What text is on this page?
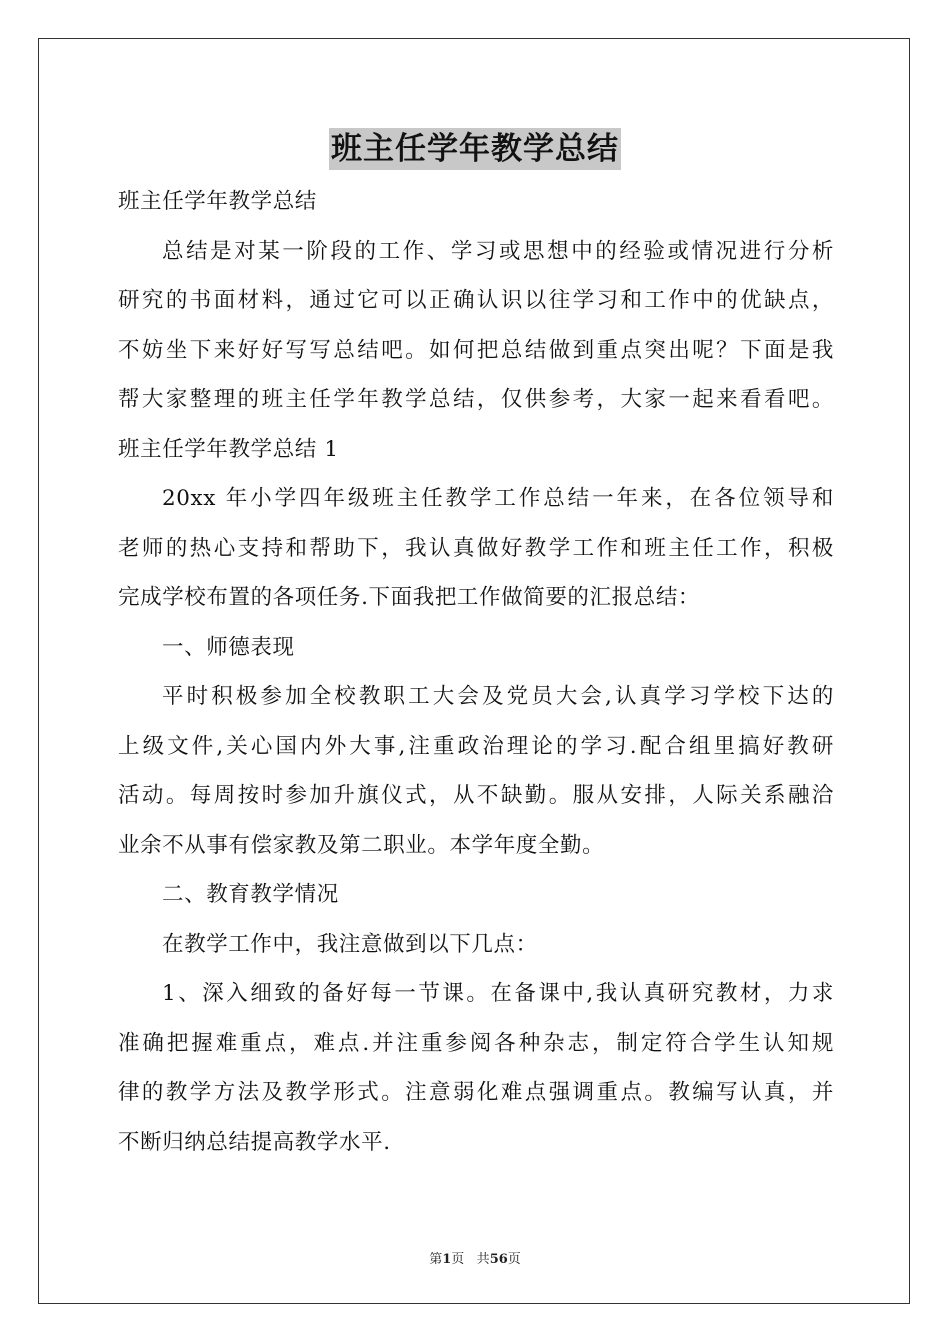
班主任学年教学总结
班主任学年教学总结
总结是对某一阶段的工作、学习或思想中的经验或情况进行分析
研究的书面材料，通过它可以正确认识以往学习和工作中的优缺点，
不妨坐下来好好写写总结吧。如何把总结做到重点突出呢？下面是我
帮大家整理的班主任学年教学总结，仅供参考，大家一起来看看吧。
班主任学年教学总结 1
20xx 年小学四年级班主任教学工作总结一年来，在各位领导和
老师的热心支持和帮助下，我认真做好教学工作和班主任工作，积极
完成学校布置的各项任务.下面我把工作做简要的汇报总结：
一、师德表现
平时积极参加全校教职工大会及党员大会,认真学习学校下达的
上级文件,关心国内外大事,注重政治理论的学习.配合组里搞好教研
活动。每周按时参加升旗仪式，从不缺勤。服从安排，人际关系融洽
业余不从事有偿家教及第二职业。本学年度全勤。
二、教育教学情况
在教学工作中，我注意做到以下几点：
1、深入细致的备好每一节课。在备课中,我认真研究教材，力求
准确把握难重点，难点.并注重参阅各种杂志，制定符合学生认知规
律的教学方法及教学形式。注意弱化难点强调重点。教编写认真，并
不断归纳总结提高教学水平.
第1页 共56页
